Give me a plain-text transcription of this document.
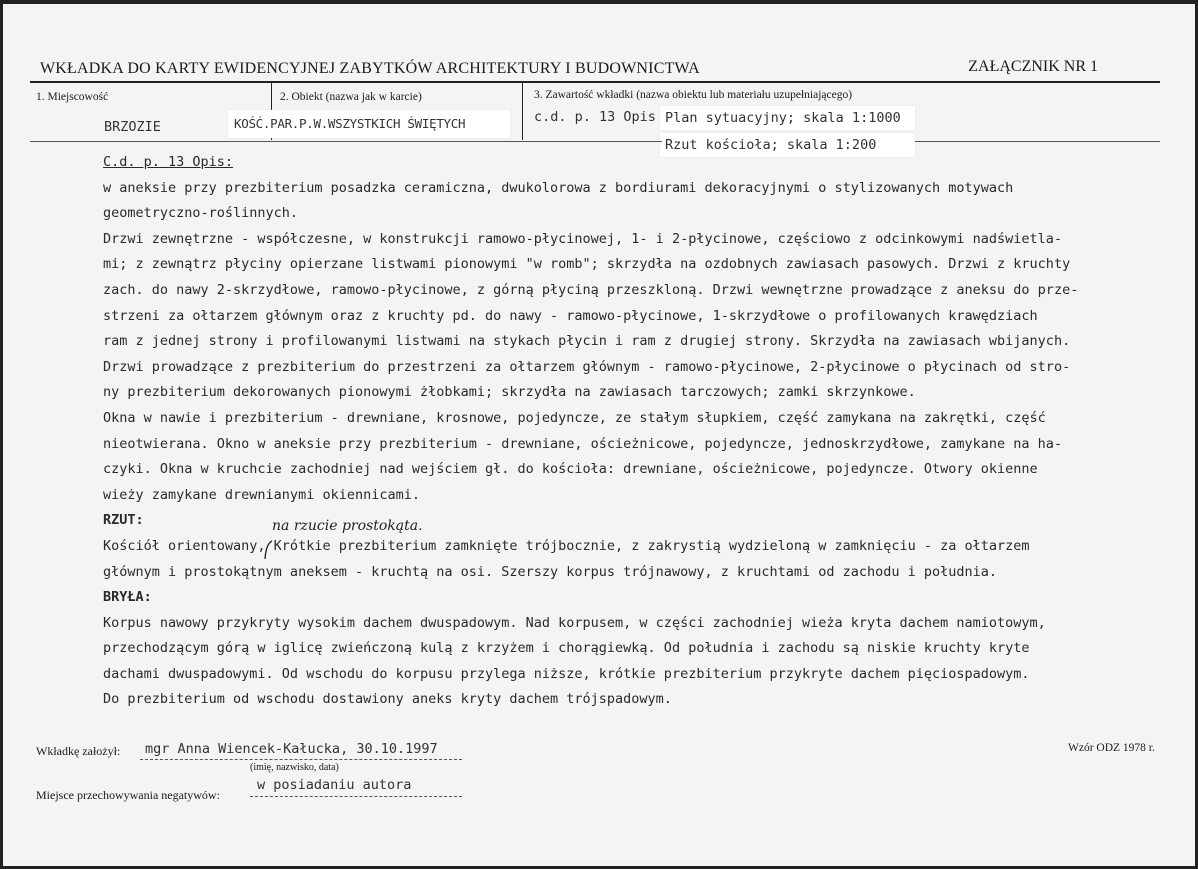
WKŁADKA DO KARTY EWIDENCYJNEJ ZABYTKÓW ARCHITEKTURY I BUDOWNICTWA	ZAŁĄCZNIK NR 1
1. Miejscowość	2. Obiekt (nazwa jak w karcie)	3. Zawartość wkładki (nazwa obiektu lub materiału uzupełniającego)
BRZOZIE	KOŚĆ.PAR.P.W.WSZYSTKICH ŚWIĘTYCH	c.d. p. 13 Opis Plan sytuacyjny; skala 1:1000
Rzut kościoła; skala 1:200
C.d. p. 13 Opis:
w aneksie przy prezbiterium posadzka ceramiczna, dwukolorowa z bordiurami dekoracyjnymi o stylizowanych motywach
geometryczno-roślinnych.
Drzwi zewnętrzne - współczesne, w konstrukcji ramowo-płycinowej, 1- i 2-płycinowe, częściowo z odcinkowymi nadświetla-
mi; z zewnątrz płyciny opierzane listwami pionowymi "w romb"; skrzydła na ozdobnych zawiasach pasowych. Drzwi z kruchty
zach. do nawy 2-skrzydłowe, ramowo-płycinowe, z górną płyciną przeszkloną. Drzwi wewnętrzne prowadzące z aneksu do prze-
strzeni za ołtarzem głównym oraz z kruchty pd. do nawy - ramowo-płycinowe, 1-skrzydłowe o profilowanych krawędziach
ram z jednej strony i profilowanymi listwami na stykach płycin i ram z drugiej strony. Skrzydła na zawiasach wbijanych.
Drzwi prowadzące z prezbiterium do przestrzeni za ołtarzem głównym - ramowo-płycinowe, 2-płycinowe o płycinach od stro-
ny prezbiterium dekorowanych pionowymi żłobkami; skrzydła na zawiasach tarczowych; zamki skrzynkowe.
Okna w nawie i prezbiterium - drewniane, krosnowe, pojedyncze, ze stałym słupkiem, część zamykana na zakrętki, część
nieotwierana. Okno w aneksie przy prezbiterium - drewniane, ościeżnicowe, pojedyncze, jednoskrzydłowe, zamykane na ha-
czyki. Okna w kruchcie zachodniej nad wejściem gł. do kościoła: drewniane, ościeżnicowe, pojedyncze. Otwory okienne
wieży zamykane drewnianymi okiennicami.
RZUT:
Kościół orientowany, Krótkie prezbiterium zamknięte trójbocznie, z zakrystią wydzieloną w zamknięciu - za ołtarzem
głównym i prostokątnym aneksem - kruchtą na osi. Szerszy korpus trójnawowy, z kruchtami od zachodu i południa.
BRYŁA:
Korpus nawowy przykryty wysokim dachem dwuspadowym. Nad korpusem, w części zachodniej wieża kryta dachem namiotowym,
przechodzącym górą w iglicę zwieńczoną kulą z krzyżem i chorągiewką. Od południa i zachodu są niskie kruchty kryte
dachami dwuspadowymi. Od wschodu do korpusu przylega niższe, krótkie prezbiterium przykryte dachem pięciospadowym.
Do prezbiterium od wschodu dostawiony aneks kryty dachem trójspadowym.
na rzucie prostokąta.
Wkładkę założył: mgr Anna Wiencek-Kałucka, 30.10.1997
(imię, nazwisko, data)
Wzór ODZ 1978 r.
Miejsce przechowywania negatywów:
w posiadaniu autora
